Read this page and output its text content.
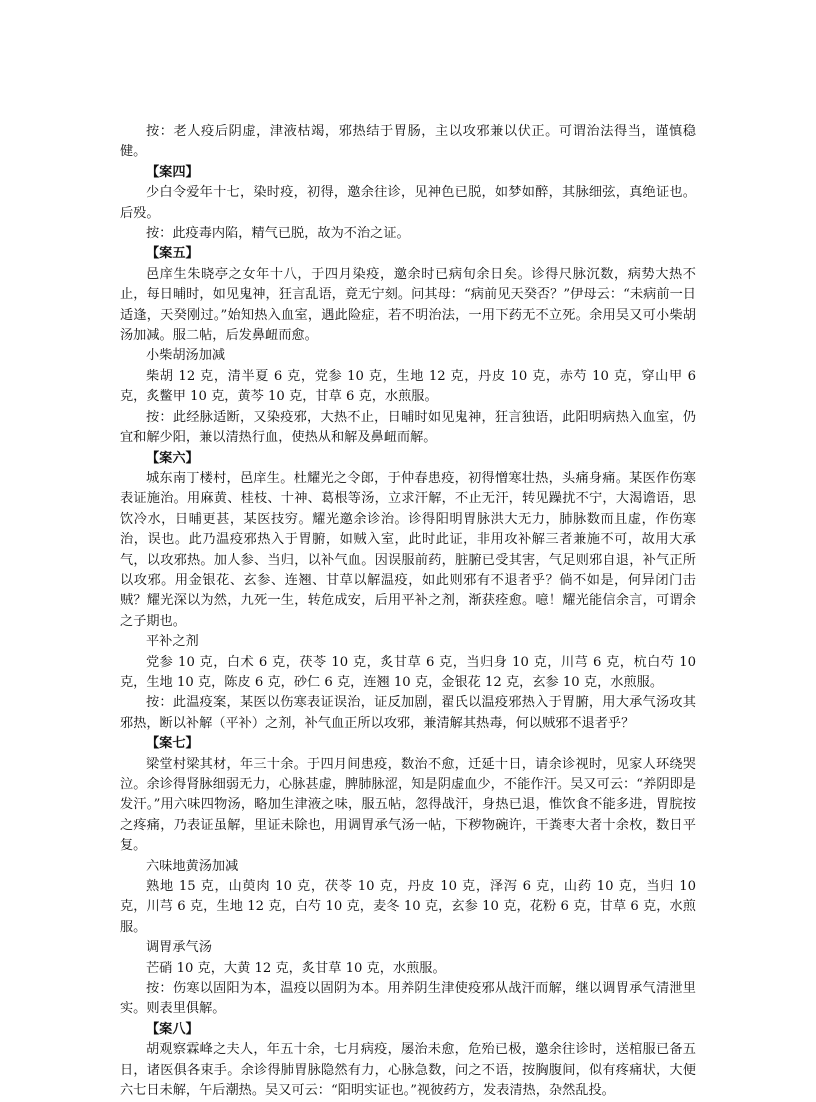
按：老人疫后阴虚，津液枯竭，邪热结于胃肠，主以攻邪兼以伏正。可谓治法得当，谨慎稳健。

【案四】

少白令爱年十七，染时疫，初得，邀余往诊，见神色已脱，如梦如醉，其脉细弦，真绝证也。后殁。

按：此疫毒内陷，精气已脱，故为不治之证。

【案五】

邑庠生朱晓亭之女年十八，于四月染疫，邀余时已病旬余日矣。诊得尺脉沉数，病势大热不止，每日晡时，如见鬼神，狂言乱语，竟无宁刻。问其母：“病前见天癸否？”伊母云：“未病前一日适逢，天癸刚过。”始知热入血室，遇此险症，若不明治法，一用下药无不立死。余用吴又可小柴胡汤加减。服二帖，后发鼻衄而愈。

小柴胡汤加减

柴胡 12 克，清半夏 6 克，党参 10 克，生地 12 克，丹皮 10 克，赤芍 10 克，穿山甲 6 克，炙鳖甲 10 克，黄芩 10 克，甘草 6 克，水煎服。

按：此经脉适断，又染疫邪，大热不止，日晡时如见鬼神，狂言独语，此阳明病热入血室，仍宜和解少阳，兼以清热行血，使热从和解及鼻衄而解。

【案六】

城东南丁楼村，邑庠生。杜耀光之令郎，于仲春患疫，初得憎寒壮热，头痛身痛。某医作伤寒表证施治。用麻黄、桂枝、十神、葛根等汤，立求汗解，不止无汗，转见躁扰不宁，大渴谵语，思饮冷水，日晡更甚，某医技穷。耀光邀余诊治。诊得阳明胃脉洪大无力，肺脉数而且虚，作伤寒治，误也。此乃温疫邪热入于胃腑，如贼入室，此时此证，非用攻补解三者兼施不可，故用大承气，以攻邪热。加人参、当归，以补气血。因误服前药，脏腑已受其害，气足则邪自退，补气正所以攻邪。用金银花、玄参、连翘、甘草以解温疫，如此则邪有不退者乎？倘不如是，何异闭门击贼？耀光深以为然，九死一生，转危成安，后用平补之剂，渐获痊愈。噫！耀光能信余言，可谓余之子期也。

平补之剂

党参 10 克，白术 6 克，茯苓 10 克，炙甘草 6 克，当归身 10 克，川芎 6 克，杭白芍 10 克，生地 10 克，陈皮 6 克，砂仁 6 克，连翘 10 克，金银花 12 克，玄参 10 克，水煎服。

按：此温疫案，某医以伤寒表证误治，证反加剧，翟氏以温疫邪热入于胃腑，用大承气汤攻其邪热，断以补解（平补）之剂，补气血正所以攻邪，兼清解其热毒，何以贼邪不退者乎？

【案七】

梁堂村梁其材，年三十余。于四月间患疫，数治不愈，迁延十日，请余诊视时，见家人环绕哭泣。余诊得肾脉细弱无力，心脉甚虚，脾肺脉涩，知是阴虚血少，不能作汗。吴又可云：“养阴即是发汗。”用六味四物汤，略加生津液之味，服五帖，忽得战汗，身热已退，惟饮食不能多进，胃脘按之疼痛，乃表证虽解，里证未除也，用调胃承气汤一帖，下秽物碗许，干粪枣大者十余枚，数日平复。

六味地黄汤加减

熟地 15 克，山萸肉 10 克，茯苓 10 克，丹皮 10 克，泽泻 6 克，山药 10 克，当归 10 克，川芎 6 克，生地 12 克，白芍 10 克，麦冬 10 克，玄参 10 克，花粉 6 克，甘草 6 克，水煎服。

调胃承气汤

芒硝 10 克，大黄 12 克，炙甘草 10 克，水煎服。

按：伤寒以固阳为本，温疫以固阴为本。用养阴生津使疫邪从战汗而解，继以调胃承气清泄里实。则表里俱解。

【案八】

胡观察霖峰之夫人，年五十余，七月病疫，屡治未愈，危殆已极，邀余往诊时，送棺服已备五日，诸医俱各束手。余诊得肺胃脉隐然有力，心脉急数，问之不语，按胸腹间，似有疼痛状，大便六七日未解，午后潮热。吴又可云：“阳明实证也。”视彼药方，发表清热，杂然乱投。
